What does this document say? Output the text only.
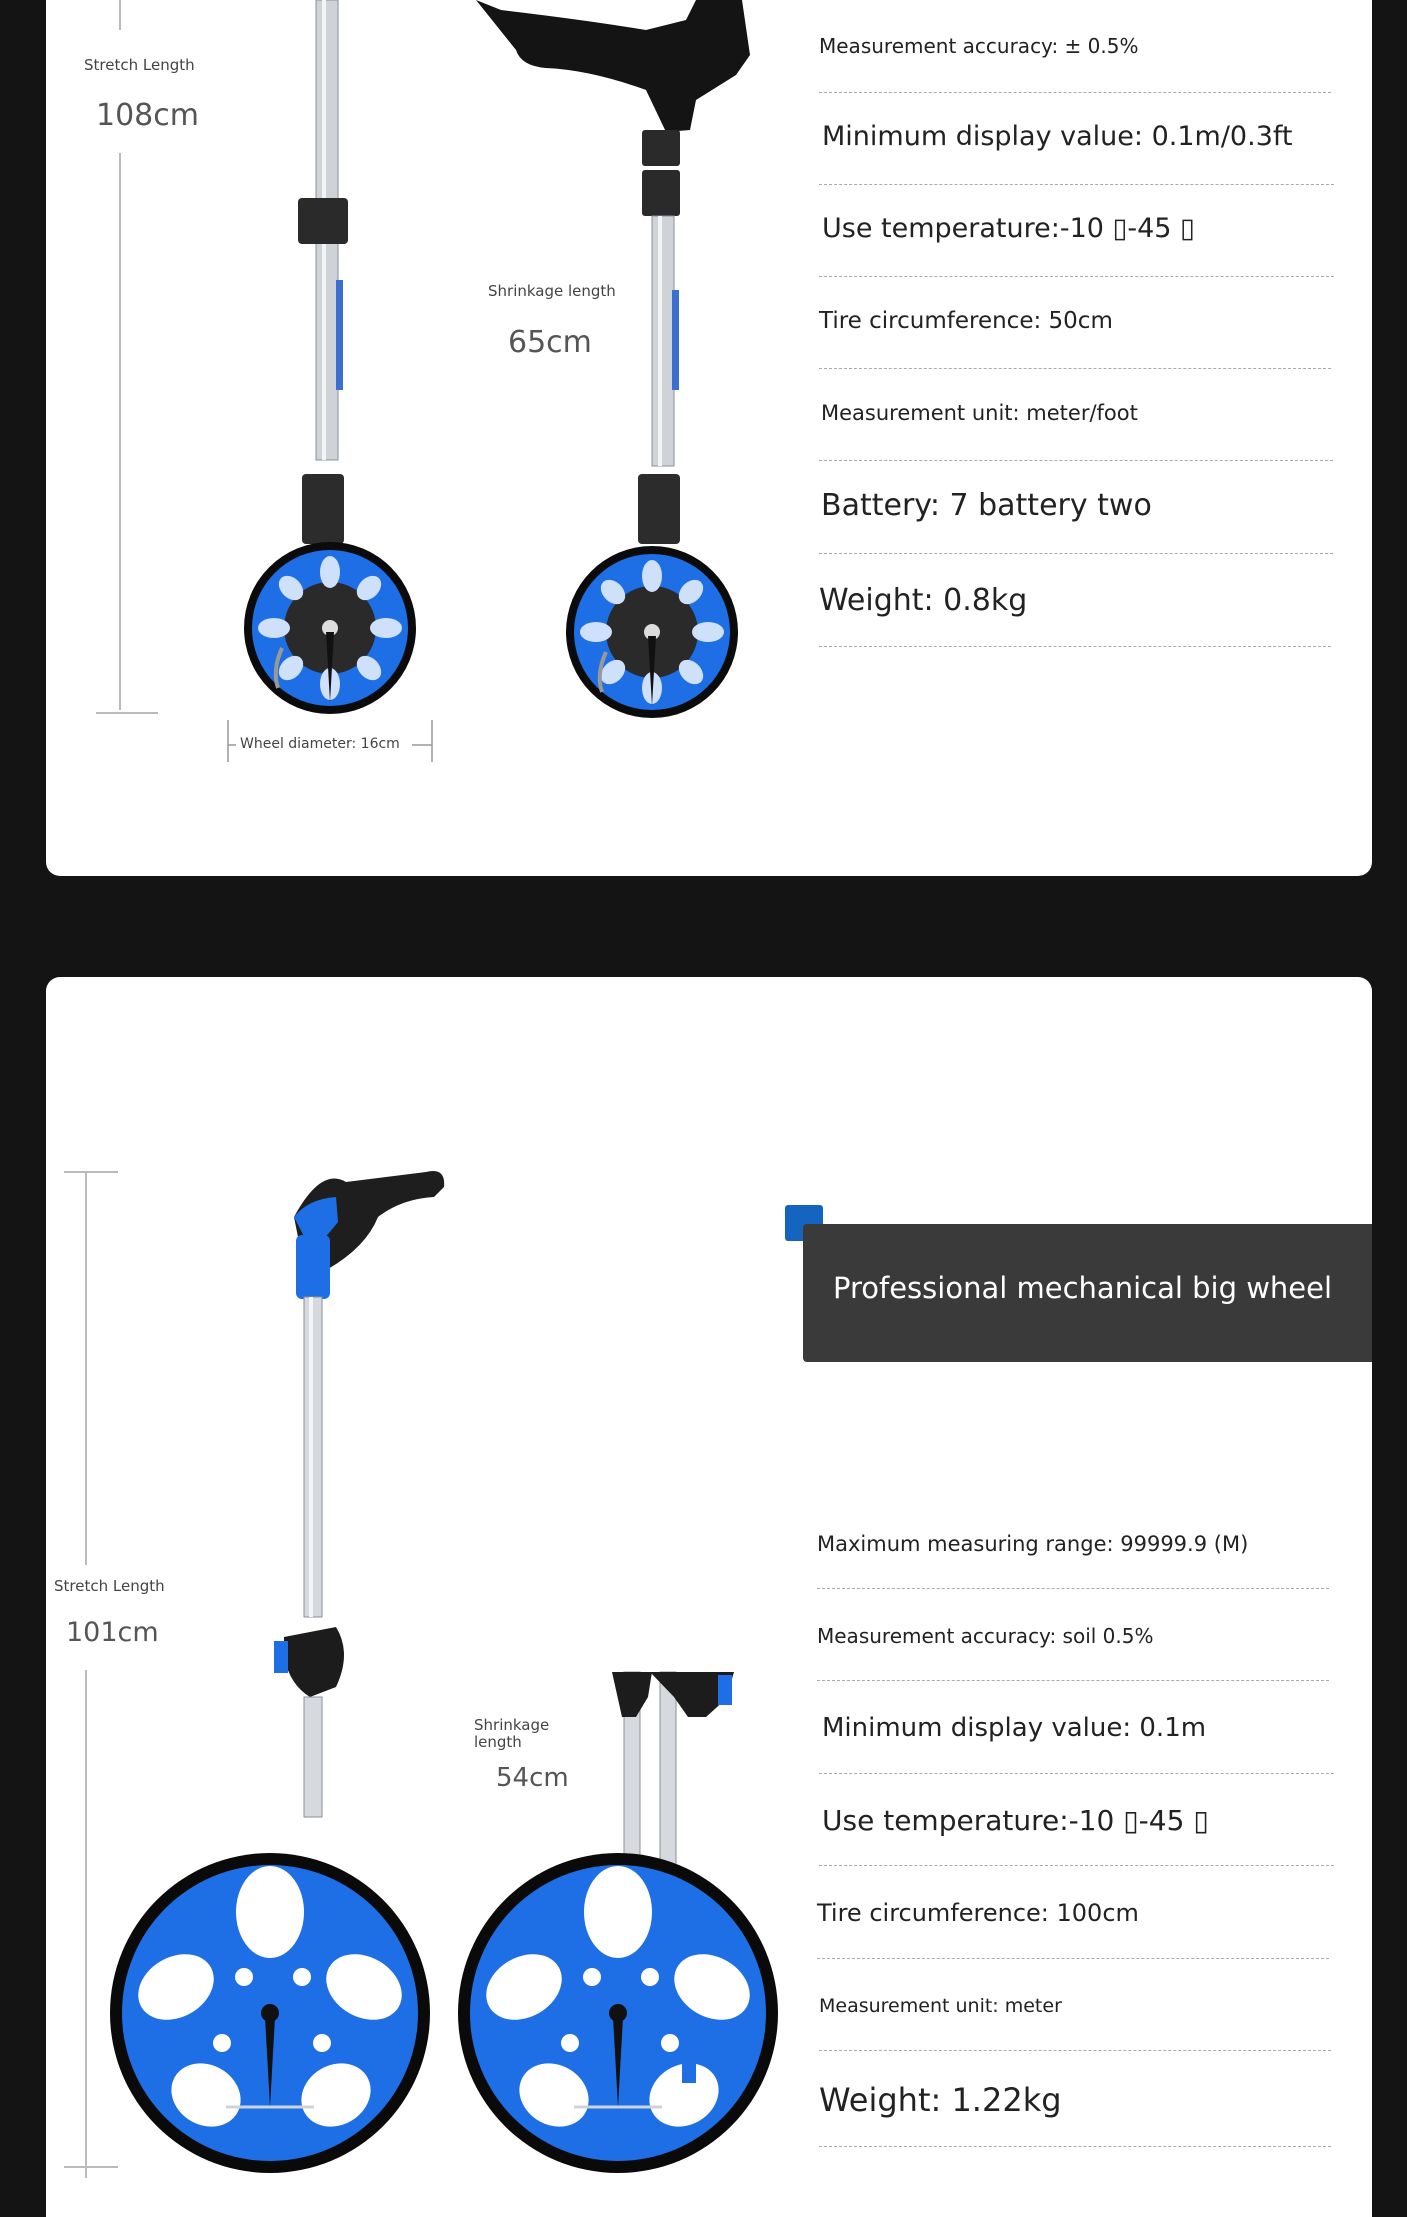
Stretch Length
108cm
Shrinkage length
65cm
Wheel diameter: 16cm
Measurement accuracy: ± 0.5%
Minimum display value: 0.1m/0.3ft
Use temperature:-10 ▯-45 ▯
Tire circumference: 50cm
Measurement unit: meter/foot
Battery: 7 battery two
Weight: 0.8kg
Stretch Length
101cm
Shrinkage
length
54cm
Professional mechanical big wheel
Maximum measuring range: 99999.9 (M)
Measurement accuracy: soil 0.5%
Minimum display value: 0.1m
Use temperature:-10 ▯-45 ▯
Tire circumference: 100cm
Measurement unit: meter
Weight: 1.22kg
